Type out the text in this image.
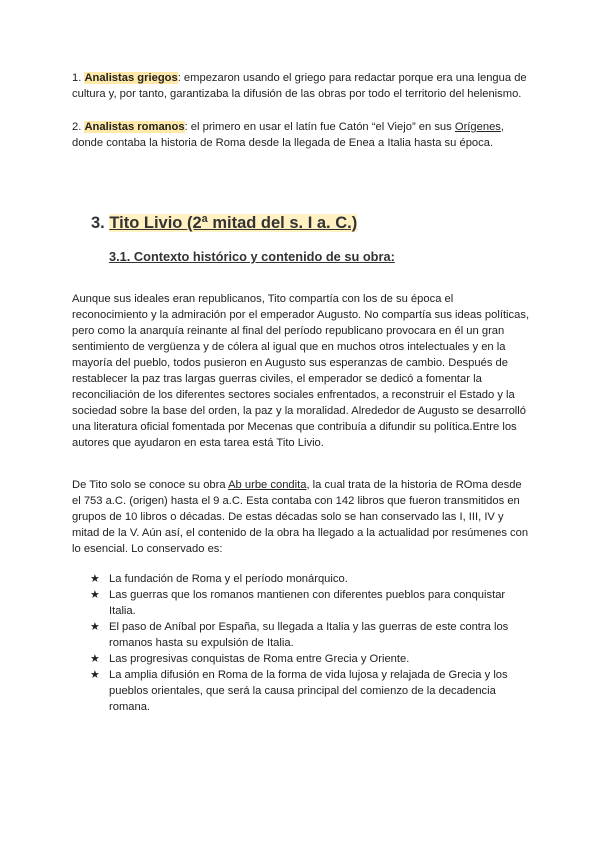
1. Analistas griegos: empezaron usando el griego para redactar porque era una lengua de cultura y, por tanto, garantizaba la difusión de las obras por todo el territorio del helenismo.

2. Analistas romanos: el primero en usar el latín fue Catón “el Viejo” en sus Orígenes, donde contaba la historia de Roma desde la llegada de Enea a Italia hasta su época.

3. Tito Livio (2ª mitad del s. I a. C.)
3.1. Contexto histórico y contenido de su obra:

Aunque sus ideales eran republicanos, Tito compartía con los de su época el reconocimiento y la admiración por el emperador Augusto. No compartía sus ideas políticas, pero como la anarquía reinante al final del período republicano provocara en él un gran sentimiento de vergüenza y de cólera al igual que en muchos otros intelectuales y en la mayoría del pueblo, todos pusieron en Augusto sus esperanzas de cambio. Después de restablecer la paz tras largas guerras civiles, el emperador se dedicó a fomentar la reconciliación de los diferentes sectores sociales enfrentados, a reconstruir el Estado y la sociedad sobre la base del orden, la paz y la moralidad. Alrededor de Augusto se desarrolló una literatura oficial fomentada por Mecenas que contribuía a difundir su política.Entre los autores que ayudaron en esta tarea está Tito Livio.

De Tito solo se conoce su obra Ab urbe condita, la cual trata de la historia de ROma desde el 753 a.C. (origen) hasta el 9 a.C. Esta contaba con 142 libros que fueron transmitidos en grupos de 10 libros o décadas. De estas décadas solo se han conservado las I, III, IV y mitad de la V. Aún así, el contenido de la obra ha llegado a la actualidad por resúmenes con lo esencial. Lo conservado es:

★ La fundación de Roma y el período monárquico.
★ Las guerras que los romanos mantienen con diferentes pueblos para conquistar Italia.
★ El paso de Aníbal por España, su llegada a Italia y las guerras de este contra los romanos hasta su expulsión de Italia.
★ Las progresivas conquistas de Roma entre Grecia y Oriente.
★ La amplia difusión en Roma de la forma de vida lujosa y relajada de Grecia y los pueblos orientales, que será la causa principal del comienzo de la decadencia romana.
